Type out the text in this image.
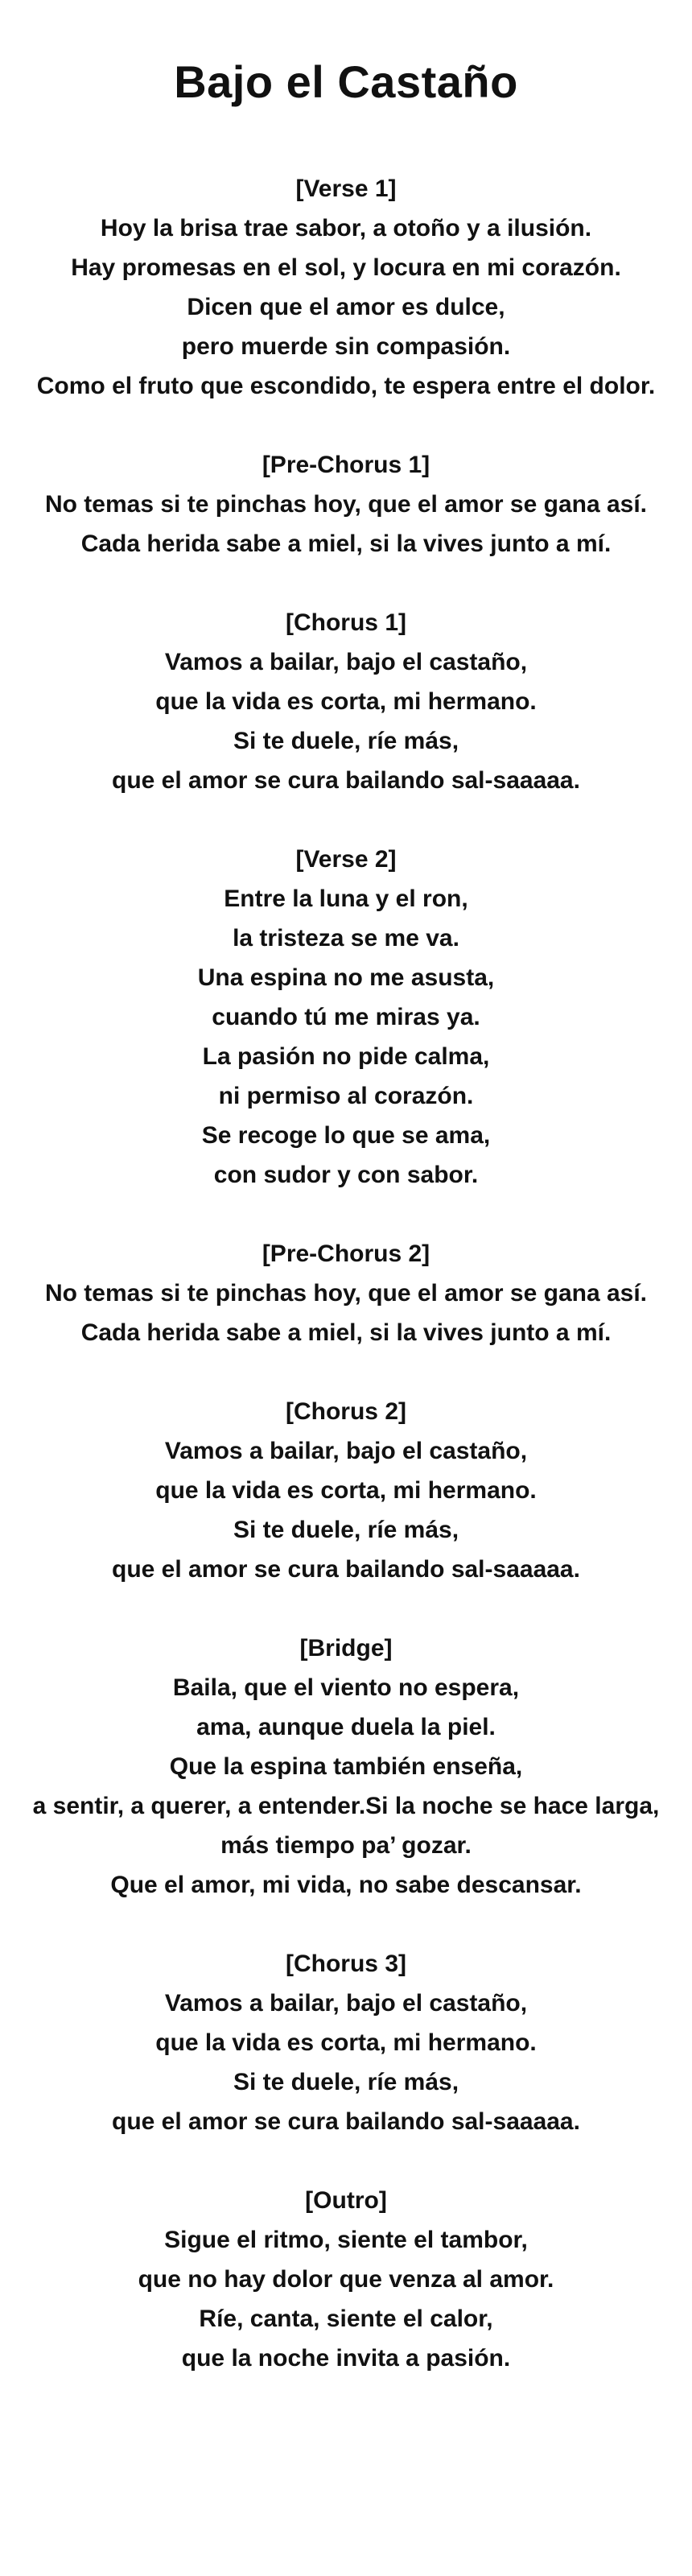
Bajo el Castaño

[Verse 1]

Hoy la brisa trae sabor, a otoño y a ilusión.

Hay promesas en el sol, y locura en mi corazón.

Dicen que el amor es dulce,

pero muerde sin compasión.

Como el fruto que escondido, te espera entre el dolor.

[Pre-Chorus 1]

No temas si te pinchas hoy, que el amor se gana así.

Cada herida sabe a miel, si la vives junto a mí.

[Chorus 1]

Vamos a bailar, bajo el castaño,

que la vida es corta, mi hermano.

Si te duele, ríe más,

que el amor se cura bailando sal-saaaaa.

[Verse 2]

Entre la luna y el ron,

la tristeza se me va.

Una espina no me asusta,

cuando tú me miras ya.

La pasión no pide calma,

ni permiso al corazón.

Se recoge lo que se ama,

con sudor y con sabor.

[Pre-Chorus 2]

No temas si te pinchas hoy, que el amor se gana así.

Cada herida sabe a miel, si la vives junto a mí.

[Chorus 2]

Vamos a bailar, bajo el castaño,

que la vida es corta, mi hermano.

Si te duele, ríe más,

que el amor se cura bailando sal-saaaaa.

[Bridge]

Baila, que el viento no espera,

ama, aunque duela la piel.

Que la espina también enseña,

a sentir, a querer, a entender.Si la noche se hace larga,

más tiempo pa’ gozar.

Que el amor, mi vida, no sabe descansar.

[Chorus 3]

Vamos a bailar, bajo el castaño,

que la vida es corta, mi hermano.

Si te duele, ríe más,

que el amor se cura bailando sal-saaaaa.

[Outro]

Sigue el ritmo, siente el tambor,

que no hay dolor que venza al amor.

Ríe, canta, siente el calor,

que la noche invita a pasión.
